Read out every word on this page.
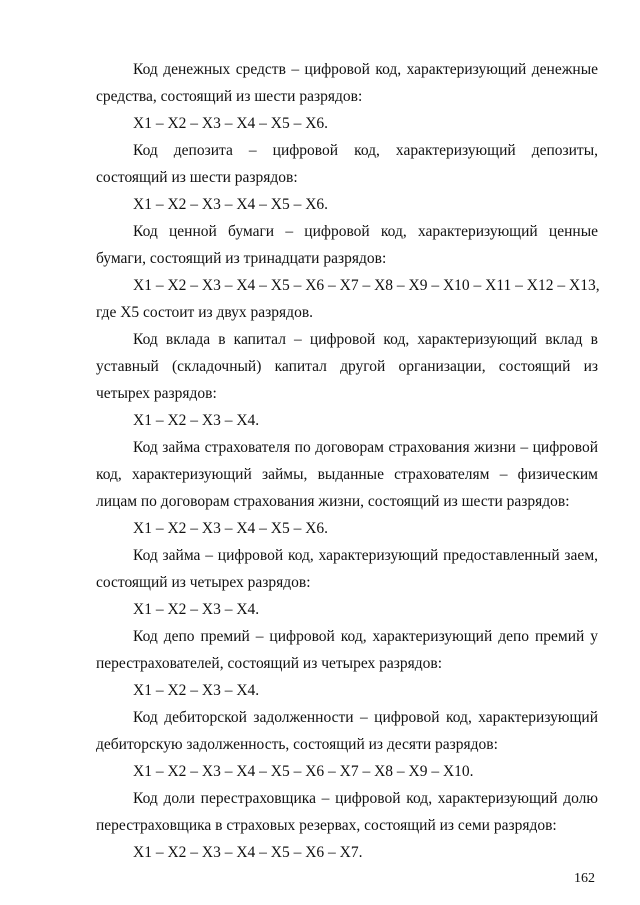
Код денежных средств – цифровой код, характеризующий денежные средства, состоящий из шести разрядов:

X1 – X2 – X3 – X4 – X5 – X6.

Код депозита – цифровой код, характеризующий депозиты, состоящий из шести разрядов:

X1 – X2 – X3 – X4 – X5 – X6.

Код ценной бумаги – цифровой код, характеризующий ценные бумаги, состоящий из тринадцати разрядов:

X1 – X2 – X3 – X4 – X5 – X6 – X7 – X8 – X9 – X10 – X11 – X12 – X13,

где X5 состоит из двух разрядов.

Код вклада в капитал – цифровой код, характеризующий вклад в уставный (складочный) капитал другой организации, состоящий из четырех разрядов:

X1 – X2 – X3 – X4.

Код займа страхователя по договорам страхования жизни – цифровой код, характеризующий займы, выданные страхователям – физическим лицам по договорам страхования жизни, состоящий из шести разрядов:

X1 – X2 – X3 – X4 – X5 – X6.

Код займа – цифровой код, характеризующий предоставленный заем, состоящий из четырех разрядов:

X1 – X2 – X3 – X4.

Код депо премий – цифровой код, характеризующий депо премий у перестрахователей, состоящий из четырех разрядов:

X1 – X2 – X3 – X4.

Код дебиторской задолженности – цифровой код, характеризующий дебиторскую задолженность, состоящий из десяти разрядов:

X1 – X2 – X3 – X4 – X5 – X6 – X7 – X8 – X9 – X10.

Код доли перестраховщика – цифровой код, характеризующий долю перестраховщика в страховых резервах, состоящий из семи разрядов:

X1 – X2 – X3 – X4 – X5 – X6 – X7.

162
